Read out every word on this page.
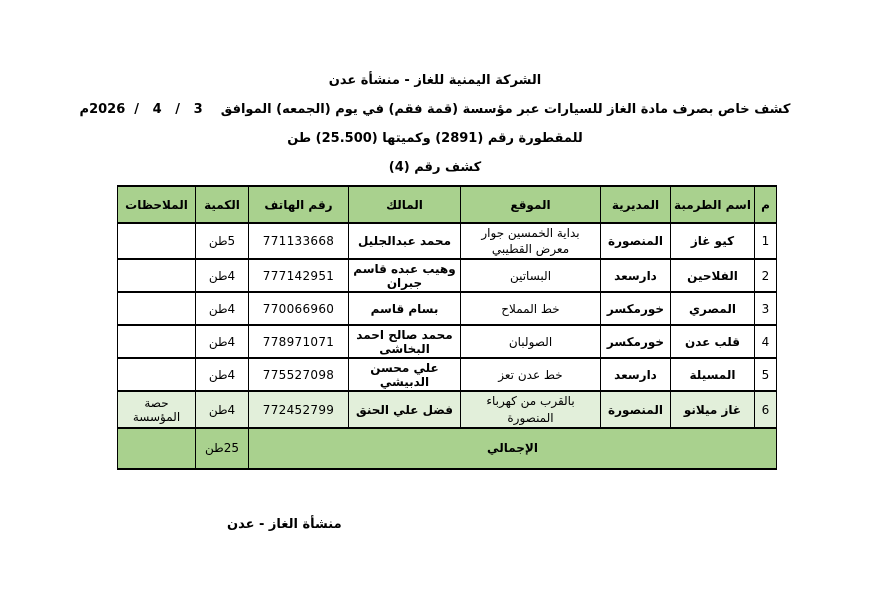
الشركة اليمنية للغاز - منشأة عدن
كشف خاص بصرف مادة الغاز للسيارات عبر مؤسسة (قمة فقم) في يوم (الجمعه) الموافق    3   /   4   /  2026م
للمقطورة رقم (2891) وكميتها (25.500) طن
كشف رقم (4)
م	اسم الطرمبة	المديرية	الموقع	المالك	رقم الهاتف	الكمية	الملاحظات
1	كيو غاز	المنصورة	بداية الخمسين جوار معرض القطيبي	محمد عبدالجليل	771133668	5طن	
2	الفلاحين	دارسعد	البساتين	وهيب عبده قاسم جبران	777142951	4طن	
3	المصري	خورمكسر	خط المملاح	بسام قاسم	770066960	4طن	
4	قلب عدن	خورمكسر	الصولبان	محمد صالح احمد البخاشى	778971071	4طن	
5	المسيلة	دارسعد	خط عدن تعز	علي محسن الدبيشي	775527098	4طن	
6	غاز ميلانو	المنصورة	بالقرب من كهرباء المنصورة	فضل علي الحنق	772452799	4طن	حصة المؤسسة
الإجمالي						25طن	
منشأة الغاز - عدن
